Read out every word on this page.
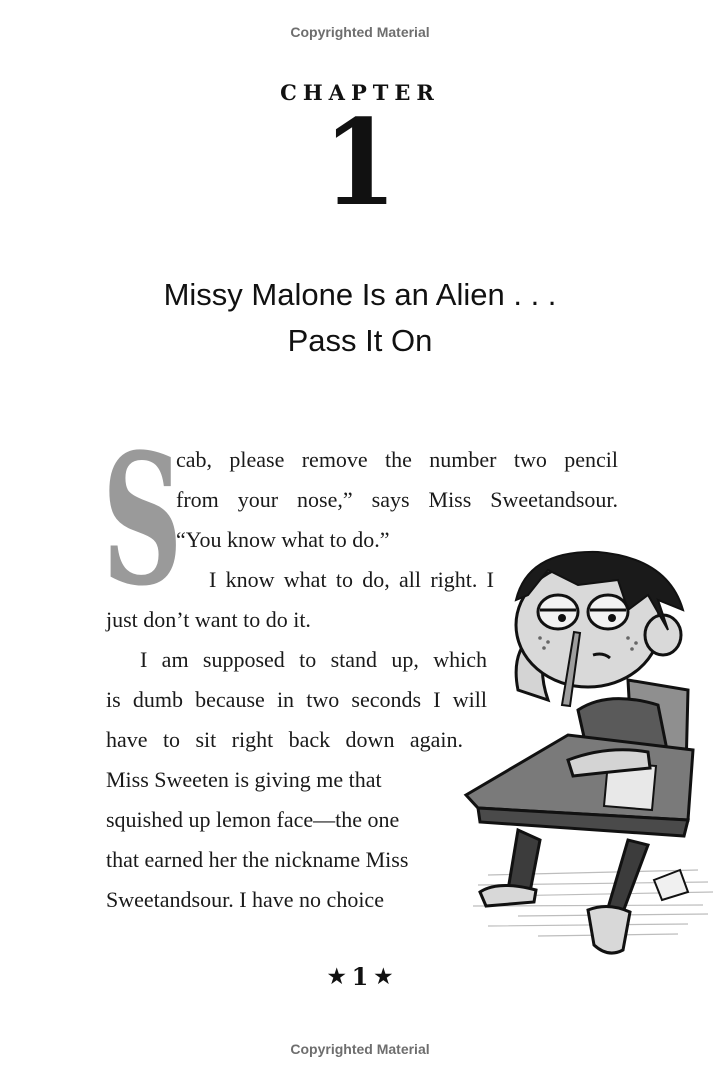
Copyrighted Material
CHAPTER
1
Missy Malone Is an Alien . . .
Pass It On
S
cab, please remove the number two pencil
from your nose,” says Miss Sweetandsour.
“You know what to do.”
I know what to do, all right. I
just don’t want to do it.
I am supposed to stand up, which
is dumb because in two seconds I will
have to sit right back down again.
Miss Sweeten is giving me that
squished up lemon face—the one
that earned her the nickname Miss
Sweetandsour. I have no choice
★ 1 ★
Copyrighted Material
